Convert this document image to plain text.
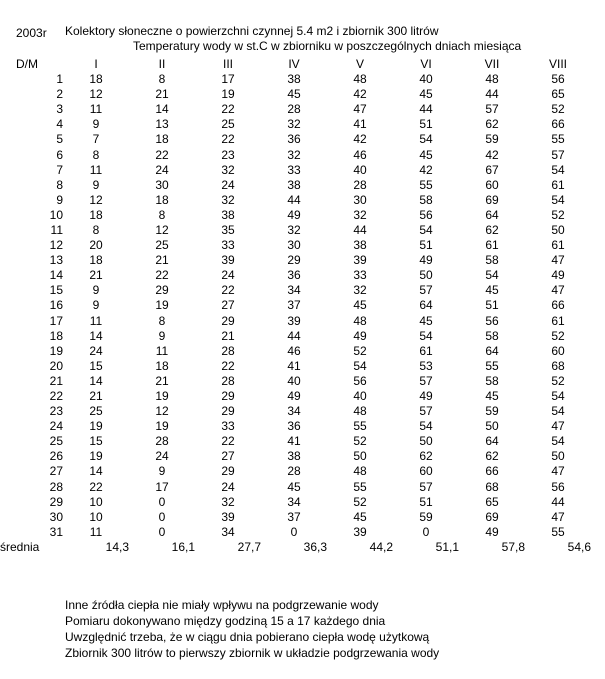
2003r Kolektory słoneczne o powierzchni czynnej 5.4 m2 i zbiornik 300 litrów
Temperatury wody w st.C w zbiorniku w poszczególnych dniach miesiąca
D/M	I	II	III	IV	V	VI	VII	VIII
1	18	8	17	38	48	40	48	56
2	12	21	19	45	42	45	44	65
3	11	14	22	28	47	44	57	52
4	9	13	25	32	41	51	62	66
5	7	18	22	36	42	54	59	55
6	8	22	23	32	46	45	42	57
7	11	24	32	33	40	42	67	54
8	9	30	24	38	28	55	60	61
9	12	18	32	44	30	58	69	54
10	18	8	38	49	32	56	64	52
11	8	12	35	32	44	54	62	50
12	20	25	33	30	38	51	61	61
13	18	21	39	29	39	49	58	47
14	21	22	24	36	33	50	54	49
15	9	29	22	34	32	57	45	47
16	9	19	27	37	45	64	51	66
17	11	8	29	39	48	45	56	61
18	14	9	21	44	49	54	58	52
19	24	11	28	46	52	61	64	60
20	15	18	22	41	54	53	55	68
21	14	21	28	40	56	57	58	52
22	21	19	29	49	40	49	45	54
23	25	12	29	34	48	57	59	54
24	19	19	33	36	55	54	50	47
25	15	28	22	41	52	50	64	54
26	19	24	27	38	50	62	62	50
27	14	9	29	28	48	60	66	47
28	22	17	24	45	55	57	68	56
29	10	0	32	34	52	51	65	44
30	10	0	39	37	45	59	69	47
31	11	0	34	0	39	0	49	55
średnia	14,3	16,1	27,7	36,3	44,2	51,1	57,8	54,6
Inne źródła ciepła nie miały wpływu na podgrzewanie wody
Pomiaru dokonywano między godziną 15 a 17 każdego dnia
Uwzględnić trzeba, że w ciągu dnia pobierano ciepła wodę użytkową
Zbiornik 300 litrów to pierwszy zbiornik w układzie podgrzewania wody
